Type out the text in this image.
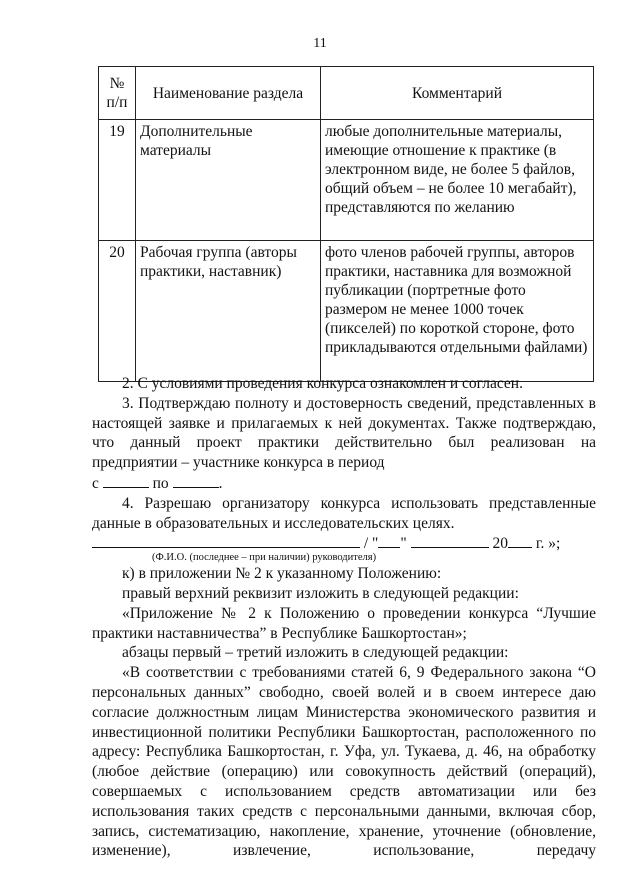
11
№ п/п	Наименование раздела	Комментарий
19	Дополнительные материалы	любые дополнительные материалы, имеющие отношение к практике (в электронном виде, не более 5 файлов, общий объем – не более 10 мегабайт), представляются по желанию
20	Рабочая группа (авторы практики, наставник)	фото членов рабочей группы, авторов практики, наставника для возможной публикации (портретные фото размером не менее 1000 точек (пикселей) по короткой стороне, фото прикладываются отдельными файлами)

2. С условиями проведения конкурса ознакомлен и согласен.

3. Подтверждаю полноту и достоверность сведений, представленных в настоящей заявке и прилагаемых к ней документах. Также подтверждаю, что данный проект практики действительно был реализован на предприятии – участнике конкурса в период
с	по	.

4. Разрешаю организатору конкурса использовать представленные данные в образовательных и исследовательских целях.

/ " "	20 г. »;

(Ф.И.О. (последнее – при наличии) руководителя)

к) в приложении № 2 к указанному Положению:

правый верхний реквизит изложить в следующей редакции:

«Приложение № 2 к Положению о проведении конкурса “Лучшие практики наставничества” в Республике Башкортостан»;

абзацы первый – третий изложить в следующей редакции:

«В соответствии с требованиями статей 6, 9 Федерального закона “О персональных данных” свободно, своей волей и в своем интересе даю согласие должностным лицам Министерства экономического развития и инвестиционной политики Республики Башкортостан, расположенного по адресу: Республика Башкортостан, г. Уфа, ул. Тукаева, д. 46, на обработку (любое действие (операцию) или совокупность действий (операций), совершаемых с использованием средств автоматизации или без использования таких средств с персональными данными, включая сбор, запись, систематизацию, накопление, хранение, уточнение (обновление, изменение), извлечение, использование, передачу
